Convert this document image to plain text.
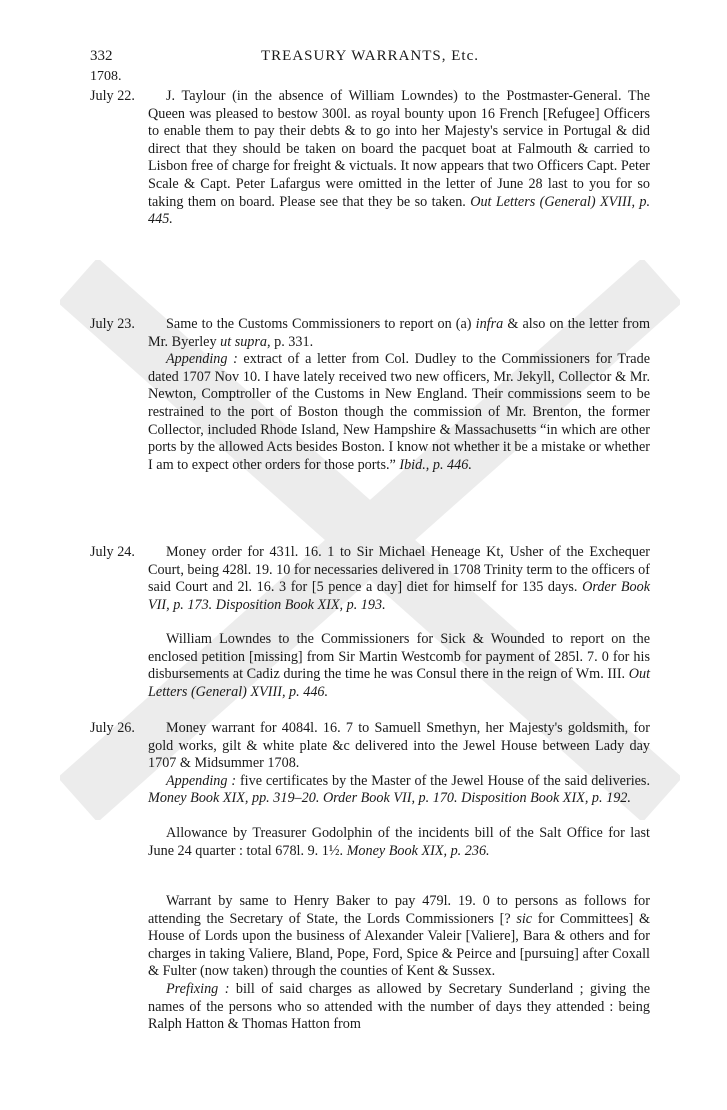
332	TREASURY WARRANTS, Etc.
1708.
July 22.	J. Taylour (in the absence of William Lowndes) to the Postmaster-General. The Queen was pleased to bestow 300l. as royal bounty upon 16 French [Refugee] Officers to enable them to pay their debts & to go into her Majesty's service in Portugal & did direct that they should be taken on board the pacquet boat at Falmouth & carried to Lisbon free of charge for freight & victuals. It now appears that two Officers Capt. Peter Scale & Capt. Peter Lafargus were omitted in the letter of June 28 last to you for so taking them on board. Please see that they be so taken. Out Letters (General) XVIII, p. 445.

July 23.	Same to the Customs Commissioners to report on (a) infra & also on the letter from Mr. Byerley ut supra, p. 331.

Appending : extract of a letter from Col. Dudley to the Commissioners for Trade dated 1707 Nov 10. I have lately received two new officers, Mr. Jekyll, Collector & Mr. Newton, Comptroller of the Customs in New England. Their commissions seem to be restrained to the port of Boston though the commission of Mr. Brenton, the former Collector, included Rhode Island, New Hampshire & Massachusetts “in which are other ports by the allowed Acts besides Boston. I know not whether it be a mistake or whether I am to expect other orders for those ports.” Ibid., p. 446.

July 24.	Money order for 431l. 16. 1 to Sir Michael Heneage Kt, Usher of the Exchequer Court, being 428l. 19. 10 for necessaries delivered in 1708 Trinity term to the officers of said Court and 2l. 16. 3 for [5 pence a day] diet for himself for 135 days. Order Book VII, p. 173. Disposition Book XIX, p. 193.

William Lowndes to the Commissioners for Sick & Wounded to report on the enclosed petition [missing] from Sir Martin Westcomb for payment of 285l. 7. 0 for his disbursements at Cadiz during the time he was Consul there in the reign of Wm. III. Out Letters (General) XVIII, p. 446.

July 26.	Money warrant for 4084l. 16. 7 to Samuell Smethyn, her Majesty's goldsmith, for gold works, gilt & white plate &c delivered into the Jewel House between Lady day 1707 & Midsummer 1708.

Appending : five certificates by the Master of the Jewel House of the said deliveries. Money Book XIX, pp. 319–20. Order Book VII, p. 170. Disposition Book XIX, p. 192.

Allowance by Treasurer Godolphin of the incidents bill of the Salt Office for last June 24 quarter : total 678l. 9. 1½. Money Book XIX, p. 236.

Warrant by same to Henry Baker to pay 479l. 19. 0 to persons as follows for attending the Secretary of State, the Lords Commissioners [? sic for Committees] & House of Lords upon the business of Alexander Valeir [Valiere], Bara & others and for charges in taking Valiere, Bland, Pope, Ford, Spice & Peirce and [pursuing] after Coxall & Fulter (now taken) through the counties of Kent & Sussex.

Prefixing : bill of said charges as allowed by Secretary Sunderland ; giving the names of the persons who so attended with the number of days they attended : being Ralph Hatton & Thomas Hatton from
